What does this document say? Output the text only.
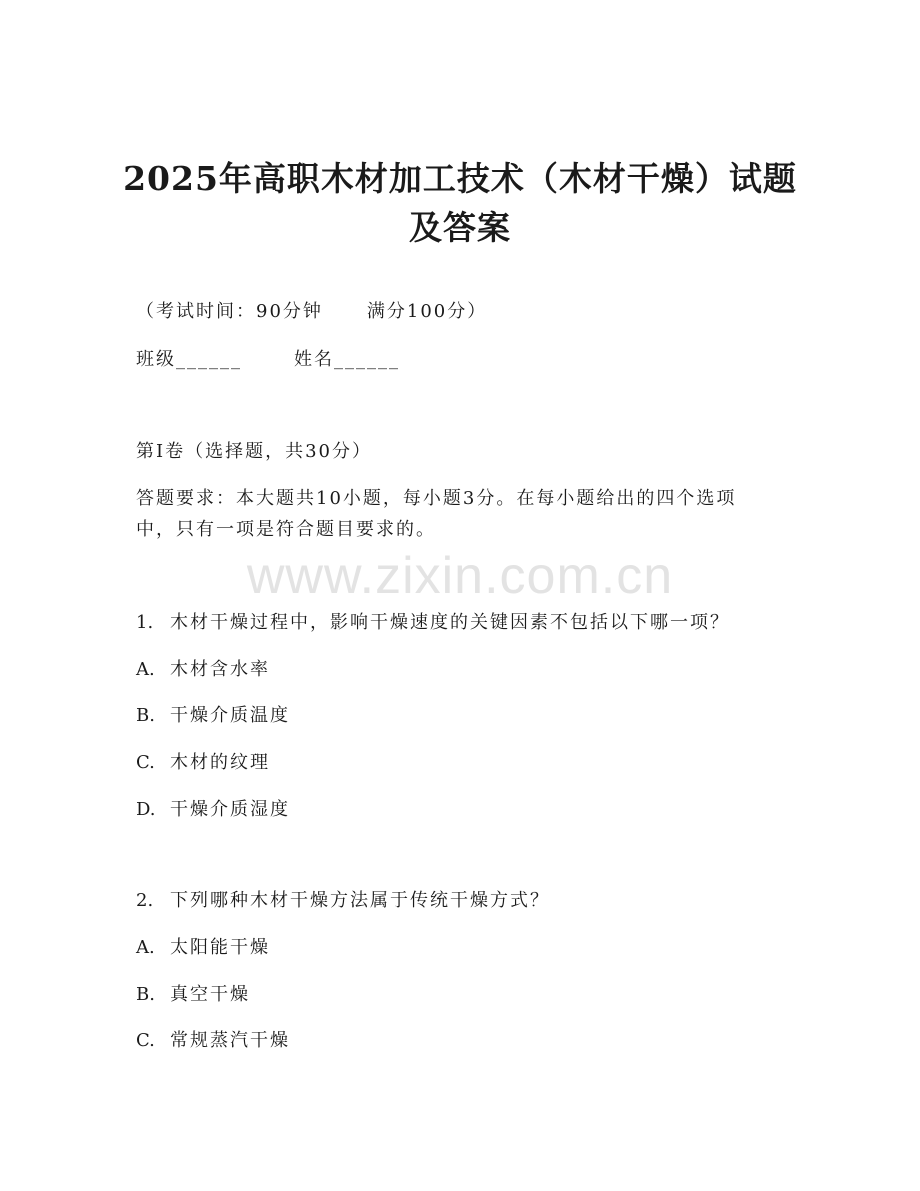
2025年高职木材加工技术（木材干燥）试题
及答案
（考试时间：90分钟 满分100分）
班级______	姓名______
第I卷（选择题，共30分）
答题要求：本大题共10小题，每小题3分。在每小题给出的四个选项
中，只有一项是符合题目要求的。
www.zixin.com.cn
1. 木材干燥过程中，影响干燥速度的关键因素不包括以下哪一项？
A. 木材含水率
B. 干燥介质温度
C. 木材的纹理
D. 干燥介质湿度
2. 下列哪种木材干燥方法属于传统干燥方式？
A. 太阳能干燥
B. 真空干燥
C. 常规蒸汽干燥
